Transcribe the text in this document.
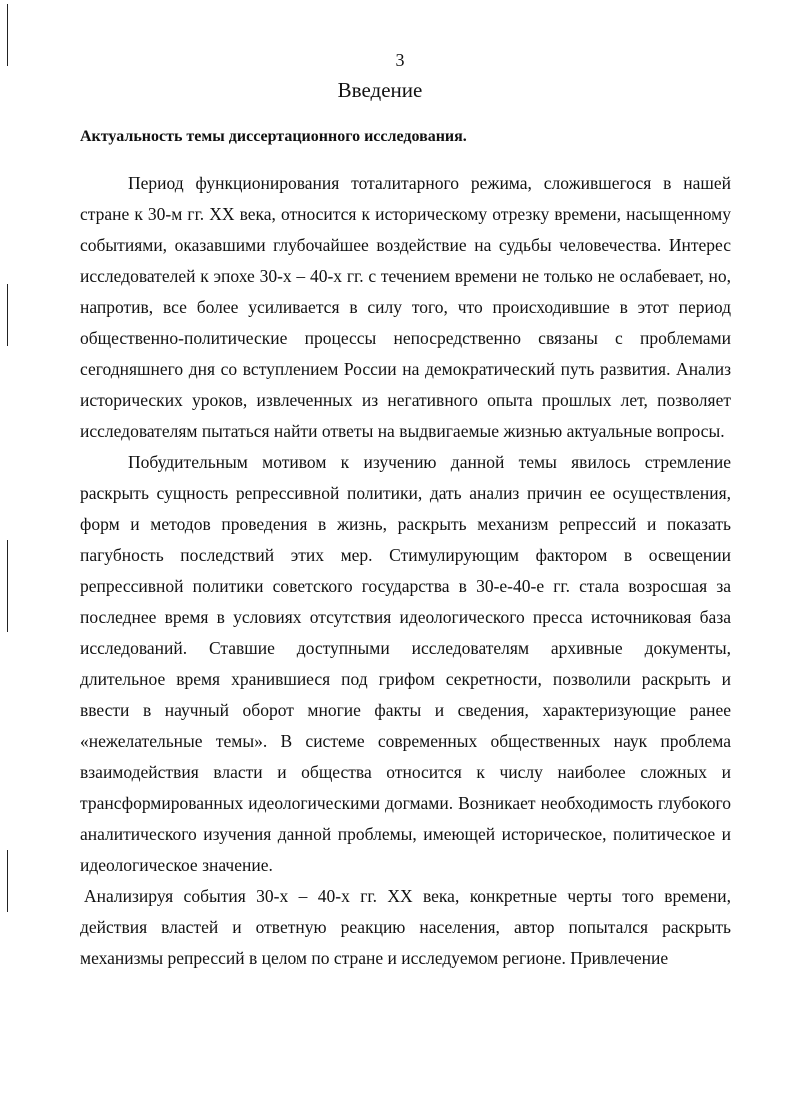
3
Введение
Актуальность темы диссертационного исследования.

Период функционирования тоталитарного режима, сложившегося в нашей стране к 30-м гг. XX века, относится к историческому отрезку времени, насыщенному событиями, оказавшими глубочайшее воздействие на судьбы человечества. Интерес исследователей к эпохе 30-х – 40-х гг. с течением времени не только не ослабевает, но, напротив, все более усиливается в силу того, что происходившие в этот период общественно-политические процессы непосредственно связаны с проблемами сегодняшнего дня со вступлением России на демократический путь развития. Анализ исторических уроков, извлеченных из негативного опыта прошлых лет, позволяет исследователям пытаться найти ответы на выдвигаемые жизнью актуальные вопросы.

Побудительным мотивом к изучению данной темы явилось стремление раскрыть сущность репрессивной политики, дать анализ причин ее осуществления, форм и методов проведения в жизнь, раскрыть механизм репрессий и показать пагубность последствий этих мер. Стимулирующим фактором в освещении репрессивной политики советского государства в 30-е-40-е гг. стала возросшая за последнее время в условиях отсутствия идеологического пресса источниковая база исследований. Ставшие доступными исследователям архивные документы, длительное время хранившиеся под грифом секретности, позволили раскрыть и ввести в научный оборот многие факты и сведения, характеризующие ранее «нежелательные темы». В системе современных общественных наук проблема взаимодействия власти и общества относится к числу наиболее сложных и трансформированных идеологическими догмами. Возникает необходимость глубокого аналитического изучения данной проблемы, имеющей историческое, политическое и идеологическое значение.

Анализируя события 30-х – 40-х гг. XX века, конкретные черты того времени, действия властей и ответную реакцию населения, автор попытался раскрыть механизмы репрессий в целом по стране и исследуемом регионе. Привлечение
